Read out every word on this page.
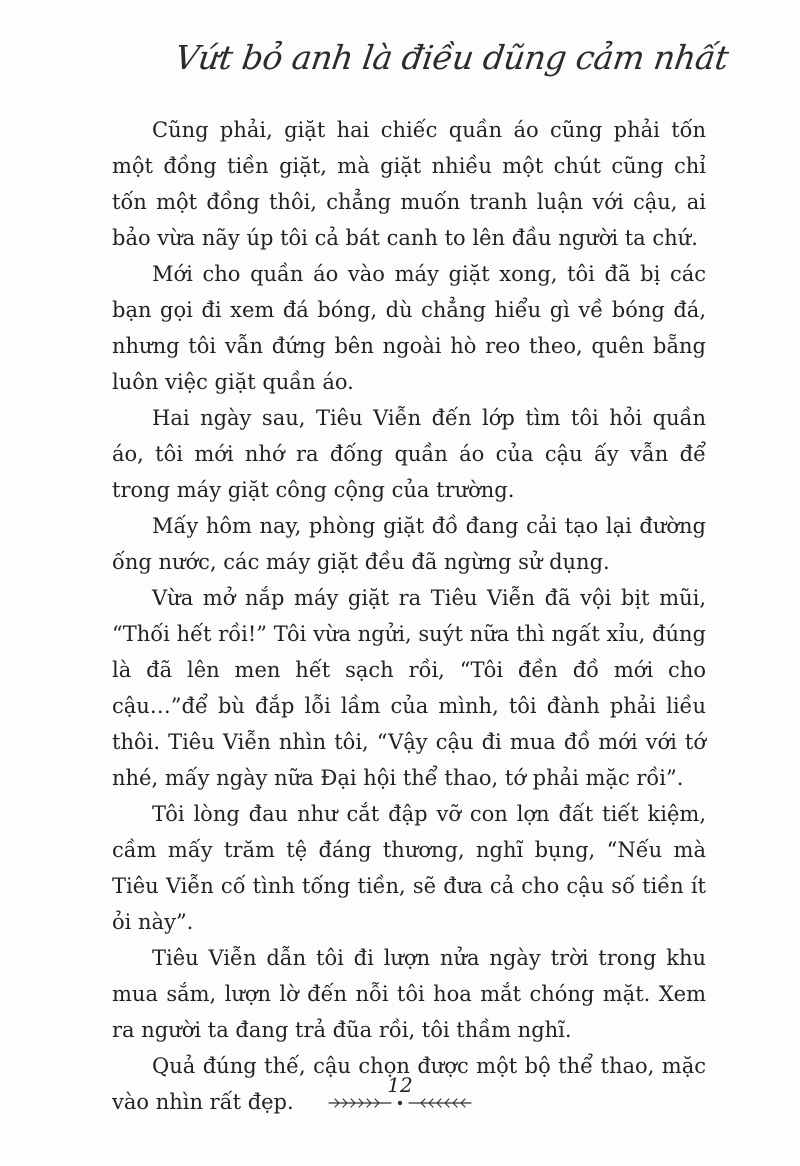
Vứt bỏ anh là điều dũng cảm nhất

Cũng phải, giặt hai chiếc quần áo cũng phải tốn một đồng tiền giặt, mà giặt nhiều một chút cũng chỉ tốn một đồng thôi, chẳng muốn tranh luận với cậu, ai bảo vừa nãy úp tôi cả bát canh to lên đầu người ta chứ.

Mới cho quần áo vào máy giặt xong, tôi đã bị các bạn gọi đi xem đá bóng, dù chẳng hiểu gì về bóng đá, nhưng tôi vẫn đứng bên ngoài hò reo theo, quên bẵng luôn việc giặt quần áo.

Hai ngày sau, Tiêu Viễn đến lớp tìm tôi hỏi quần áo, tôi mới nhớ ra đống quần áo của cậu ấy vẫn để trong máy giặt công cộng của trường.

Mấy hôm nay, phòng giặt đồ đang cải tạo lại đường ống nước, các máy giặt đều đã ngừng sử dụng.

Vừa mở nắp máy giặt ra Tiêu Viễn đã vội bịt mũi, “Thối hết rồi!” Tôi vừa ngửi, suýt nữa thì ngất xỉu, đúng là đã lên men hết sạch rồi, “Tôi đền đồ mới cho cậu…”để bù đắp lỗi lầm của mình, tôi đành phải liều thôi. Tiêu Viễn nhìn tôi, “Vậy cậu đi mua đồ mới với tớ nhé, mấy ngày nữa Đại hội thể thao, tớ phải mặc rồi”.

Tôi lòng đau như cắt đập vỡ con lợn đất tiết kiệm, cầm mấy trăm tệ đáng thương, nghĩ bụng, “Nếu mà Tiêu Viễn cố tình tống tiền, sẽ đưa cả cho cậu số tiền ít ỏi này”.

Tiêu Viễn dẫn tôi đi lượn nửa ngày trời trong khu mua sắm, lượn lờ đến nỗi tôi hoa mắt chóng mặt. Xem ra người ta đang trả đũa rồi, tôi thầm nghĩ.

Quả đúng thế, cậu chọn được một bộ thể thao, mặc vào nhìn rất đẹp.

12
